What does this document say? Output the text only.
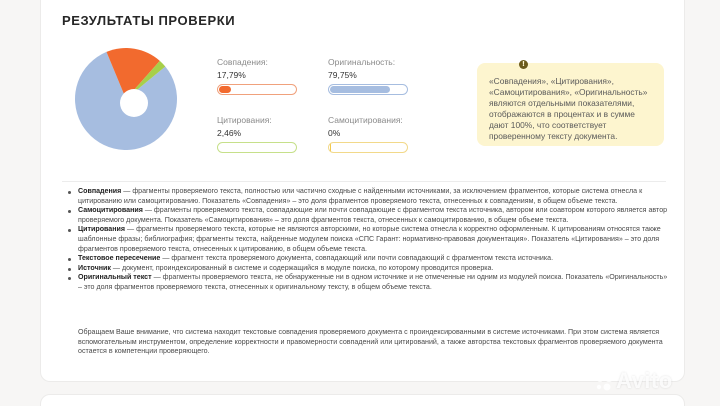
РЕЗУЛЬТАТЫ ПРОВЕРКИ
Совпадения:
17,79%
Оригинальность:
79,75%
Цитирования:
2,46%
Самоцитирования:
0%
«Совпадения», «Цитирования», «Самоцитирования», «Оригинальность» являются отдельными показателями, отображаются в процентах и в сумме дают 100%, что соответствует проверенному тексту документа.
!
Совпадения — фрагменты проверяемого текста, полностью или частично сходные с найденными источниками, за исключением фрагментов, которые система отнесла к цитированию или самоцитированию. Показатель «Совпадения» – это доля фрагментов проверяемого текста, отнесенных к совпадениям, в общем объеме текста.
Самоцитирования — фрагменты проверяемого текста, совпадающие или почти совпадающие с фрагментом текста источника, автором или соавтором которого является автор проверяемого документа. Показатель «Самоцитирования» – это доля фрагментов текста, отнесенных к самоцитированию, в общем объеме текста.
Цитирования — фрагменты проверяемого текста, которые не являются авторскими, но которые система отнесла к корректно оформленным. К цитированиям относятся также шаблонные фразы; библиография; фрагменты текста, найденные модулем поиска «СПС Гарант: нормативно-правовая документация». Показатель «Цитирования» – это доля фрагментов проверяемого текста, отнесенных к цитированию, в общем объеме текста.
Текстовое пересечение — фрагмент текста проверяемого документа, совпадающий или почти совпадающий с фрагментом текста источника.
Источник — документ, проиндексированный в системе и содержащийся в модуле поиска, по которому проводится проверка.
Оригинальный текст — фрагменты проверяемого текста, не обнаруженные ни в одном источнике и не отмеченные ни одним из модулей поиска. Показатель «Оригинальность» – это доля фрагментов проверяемого текста, отнесенных к оригинальному тексту, в общем объеме текста.
Обращаем Ваше внимание, что система находит текстовые совпадения проверяемого документа с проиндексированными в системе источниками. При этом система является вспомогательным инструментом, определение корректности и правомерности совпадений или цитирований, а также авторства текстовых фрагментов проверяемого документа остается в компетенции проверяющего.
Avito
